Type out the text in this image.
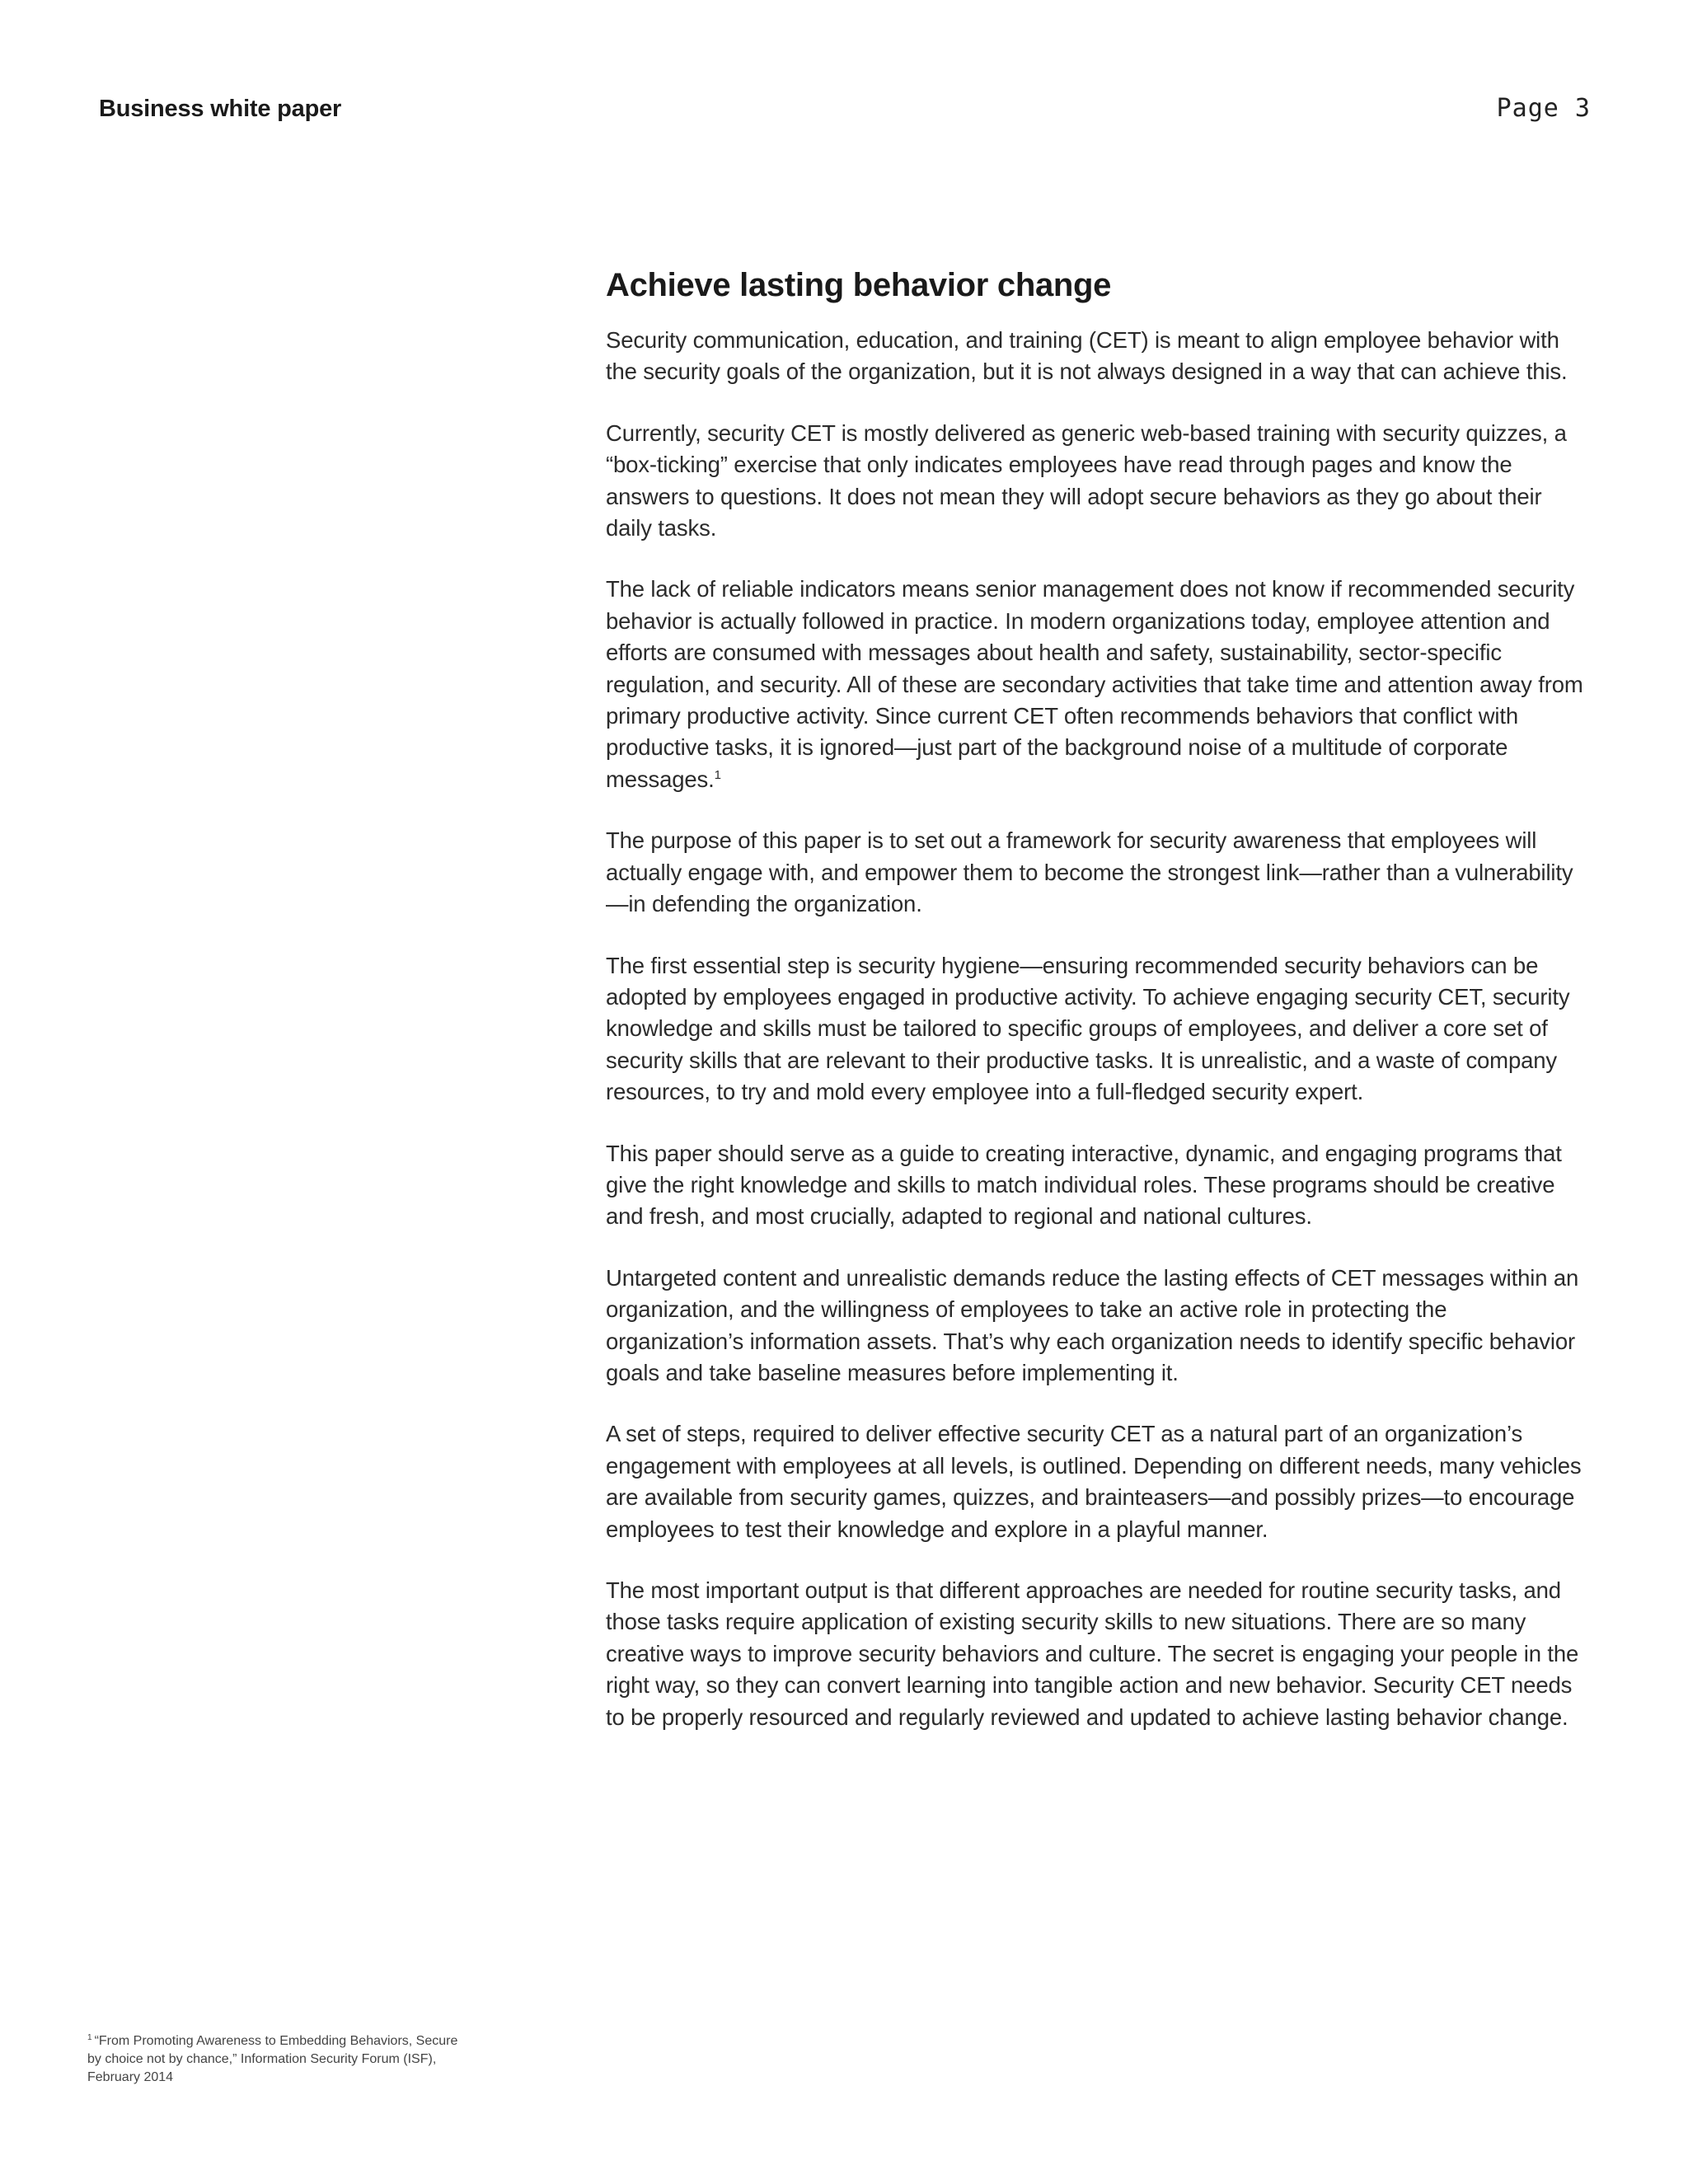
Business white paper	Page 3
Achieve lasting behavior change

Security communication, education, and training (CET) is meant to align employee behavior with the security goals of the organization, but it is not always designed in a way that can achieve this.

Currently, security CET is mostly delivered as generic web-based training with security quizzes, a “box-ticking” exercise that only indicates employees have read through pages and know the answers to questions. It does not mean they will adopt secure behaviors as they go about their daily tasks.

The lack of reliable indicators means senior management does not know if recommended security behavior is actually followed in practice. In modern organizations today, employee attention and efforts are consumed with messages about health and safety, sustainability, sector-specific regulation, and security. All of these are secondary activities that take time and attention away from primary productive activity. Since current CET often recommends behaviors that conflict with productive tasks, it is ignored—just part of the background noise of a multitude of corporate messages.$^1$

The purpose of this paper is to set out a framework for security awareness that employees will actually engage with, and empower them to become the strongest link—rather than a vulnerability—in defending the organization.

The first essential step is security hygiene—ensuring recommended security behaviors can be adopted by employees engaged in productive activity. To achieve engaging security CET, security knowledge and skills must be tailored to specific groups of employees, and deliver a core set of security skills that are relevant to their productive tasks. It is unrealistic, and a waste of company resources, to try and mold every employee into a full-fledged security expert.

This paper should serve as a guide to creating interactive, dynamic, and engaging programs that give the right knowledge and skills to match individual roles. These programs should be creative and fresh, and most crucially, adapted to regional and national cultures.

Untargeted content and unrealistic demands reduce the lasting effects of CET messages within an organization, and the willingness of employees to take an active role in protecting the organization’s information assets. That’s why each organization needs to identify specific behavior goals and take baseline measures before implementing it.

A set of steps, required to deliver effective security CET as a natural part of an organization’s engagement with employees at all levels, is outlined. Depending on different needs, many vehicles are available from security games, quizzes, and brainteasers—and possibly prizes—to encourage employees to test their knowledge and explore in a playful manner.

The most important output is that different approaches are needed for routine security tasks, and those tasks require application of existing security skills to new situations. There are so many creative ways to improve security behaviors and culture. The secret is engaging your people in the right way, so they can convert learning into tangible action and new behavior. Security CET needs to be properly resourced and regularly reviewed and updated to achieve lasting behavior change.

$^1$ “From Promoting Awareness to Embedding Behaviors, Secure by choice not by chance,” Information Security Forum (ISF), February 2014
